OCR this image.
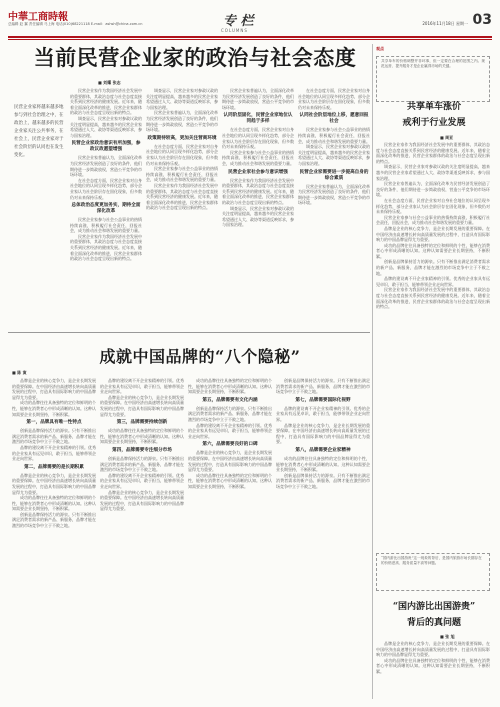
中華工商時報
总编辑 赵 翼 责任编辑 马上海 电话(010)68221118 E-mail：ashsh@china.com.cn	专 栏
COLUMNS
2016年11月18日 星期一 03
当前民营企业家的政治与社会态度
■ 刘耀 张志
民营企业家将越来越多地参与到社会治理之中，在政治上，越来越多的民营企业家关注公共事务，在社会上，民营企业家对于社会阶层的认同也在发生变化。

民营企业家作为我国经济社会发展中的重要群体，其政治态度与社会态度直接关系到民营经济的健康发展。近年来，随着全面深化改革的推进，民营企业家群体的政治与社会态度呈现出新的特点。

调查显示，民营企业家对参政议政的关注度明显提高，越来越多的民营企业家希望通过人大、政协等渠道反映诉求，参与国家治理。

民营企业家政治意识有所加强，参政议政愿望增强

民营企业家普遍认为，全面深化改革为民营经济发展创造了良好的条件，他们期待进一步简政放权，营造公平竞争的市场环境。

在社会态度方面，民营企业家对自身社会地位的认同呈现多样化趋势，部分企业家认为社会阶层存在固化现象，但多数仍对未来保持乐观。

总体政治态度更加务实，期待全面深化改革

民营企业家参与社会公益事业的热情持续高涨，积极履行社会责任，回报社会，成为推动社会和谐发展的重要力量。

民营企业家作为我国经济社会发展中的重要群体，其政治态度与社会态度直接关系到民营经济的健康发展。近年来，随着全面深化改革的推进，民营企业家群体的政治与社会态度呈现出新的特点。

调查显示，民营企业家对参政议政的关注度明显提高，越来越多的民营企业家希望通过人大、政协等渠道反映诉求，参与国家治理。

民营企业家普遍认为，全面深化改革为民营经济发展创造了良好的条件，他们期待进一步简政放权，营造公平竞争的市场环境。

政策期待较高，更加关注营商环境

在社会态度方面，民营企业家对自身社会地位的认同呈现多样化趋势，部分企业家认为社会阶层存在固化现象，但多数仍对未来保持乐观。

民营企业家参与社会公益事业的热情持续高涨，积极履行社会责任，回报社会，成为推动社会和谐发展的重要力量。

民营企业家作为我国经济社会发展中的重要群体，其政治态度与社会态度直接关系到民营经济的健康发展。近年来，随着全面深化改革的推进，民营企业家群体的政治与社会态度呈现出新的特点。

民营企业家普遍认为，全面深化改革为民营经济发展创造了良好的条件，他们期待进一步简政放权，营造公平竞争的市场环境。

认同阶层固化，民营企业家地位认同趋于多样

在社会态度方面，民营企业家对自身社会地位的认同呈现多样化趋势，部分企业家认为社会阶层存在固化现象，但多数仍对未来保持乐观。

民营企业家参与社会公益事业的热情持续高涨，积极履行社会责任，回报社会，成为推动社会和谐发展的重要力量。

民营企业家社会参与意识增强

民营企业家作为我国经济社会发展中的重要群体，其政治态度与社会态度直接关系到民营经济的健康发展。近年来，随着全面深化改革的推进，民营企业家群体的政治与社会态度呈现出新的特点。

调查显示，民营企业家对参政议政的关注度明显提高，越来越多的民营企业家希望通过人大、政协等渠道反映诉求，参与国家治理。

在社会态度方面，民营企业家对自身社会地位的认同呈现多样化趋势，部分企业家认为社会阶层存在固化现象，但多数仍对未来保持乐观。

认同社会阶层地位上移，愿意回报社会

民营企业家参与社会公益事业的热情持续高涨，积极履行社会责任，回报社会，成为推动社会和谐发展的重要力量。

调查显示，民营企业家对参政议政的关注度明显提高，越来越多的民营企业家希望通过人大、政协等渠道反映诉求，参与国家治理。

民营企业家需要进一步提高自身的综合素质

民营企业家普遍认为，全面深化改革为民营经济发展创造了良好的条件，他们期待进一步简政放权，营造公平竞争的市场环境。

成就中国品牌的“八个隐秘”
■ 陈 寅

品牌是企业的核心竞争力，是企业长期发展的重要保障。在中国经济由高速增长转向高质量发展的过程中，打造具有国际影响力的中国品牌显得尤为重要。

成功的品牌往往具备独特的定位和鲜明的个性，能够在消费者心中形成清晰的认知。这种认知需要企业长期坚持，不断积累。

第一，品牌具有唯一性特点

创新是品牌保持活力的源泉。只有不断推出满足消费者需求的新产品、新服务，品牌才能在激烈的市场竞争中立于不败之地。

品牌的建设离不开企业家精神的引领。优秀的企业家具有远见卓识，敢于担当，能够带领企业走向世界。

第二，品牌需要的是长期积累

品牌是企业的核心竞争力，是企业长期发展的重要保障。在中国经济由高速增长转向高质量发展的过程中，打造具有国际影响力的中国品牌显得尤为重要。

成功的品牌往往具备独特的定位和鲜明的个性，能够在消费者心中形成清晰的认知。这种认知需要企业长期坚持，不断积累。

创新是品牌保持活力的源泉。只有不断推出满足消费者需求的新产品、新服务，品牌才能在激烈的市场竞争中立于不败之地。

品牌的建设离不开企业家精神的引领。优秀的企业家具有远见卓识，敢于担当，能够带领企业走向世界。

品牌是企业的核心竞争力，是企业长期发展的重要保障。在中国经济由高速增长转向高质量发展的过程中，打造具有国际影响力的中国品牌显得尤为重要。

第三，品牌需要持续创新

成功的品牌往往具备独特的定位和鲜明的个性，能够在消费者心中形成清晰的认知。这种认知需要企业长期坚持，不断积累。

第四，品牌需要专注细分市场

创新是品牌保持活力的源泉。只有不断推出满足消费者需求的新产品、新服务，品牌才能在激烈的市场竞争中立于不败之地。

品牌的建设离不开企业家精神的引领。优秀的企业家具有远见卓识，敢于担当，能够带领企业走向世界。

品牌是企业的核心竞争力，是企业长期发展的重要保障。在中国经济由高速增长转向高质量发展的过程中，打造具有国际影响力的中国品牌显得尤为重要。

成功的品牌往往具备独特的定位和鲜明的个性，能够在消费者心中形成清晰的认知。这种认知需要企业长期坚持，不断积累。

第五，品牌需要有文化内涵

创新是品牌保持活力的源泉。只有不断推出满足消费者需求的新产品、新服务，品牌才能在激烈的市场竞争中立于不败之地。

品牌的建设离不开企业家精神的引领。优秀的企业家具有远见卓识，敢于担当，能够带领企业走向世界。

第六，品牌需要良好的口碑

品牌是企业的核心竞争力，是企业长期发展的重要保障。在中国经济由高速增长转向高质量发展的过程中，打造具有国际影响力的中国品牌显得尤为重要。

成功的品牌往往具备独特的定位和鲜明的个性，能够在消费者心中形成清晰的认知。这种认知需要企业长期坚持，不断积累。

创新是品牌保持活力的源泉。只有不断推出满足消费者需求的新产品、新服务，品牌才能在激烈的市场竞争中立于不败之地。

第七，品牌需要国际化视野

品牌的建设离不开企业家精神的引领。优秀的企业家具有远见卓识，敢于担当，能够带领企业走向世界。

品牌是企业的核心竞争力，是企业长期发展的重要保障。在中国经济由高速增长转向高质量发展的过程中，打造具有国际影响力的中国品牌显得尤为重要。

第八，品牌需要企业家精神

成功的品牌往往具备独特的定位和鲜明的个性，能够在消费者心中形成清晰的认知。这种认知需要企业长期坚持，不断积累。

创新是品牌保持活力的源泉。只有不断推出满足消费者需求的新产品、新服务，品牌才能在激烈的市场竞争中立于不败之地。

观点

共享单车的价格调整并非坏事，但一定要在合理的范围之内。规范运营、提升服务才是企业赢得市场的关键。

共享单车涨价
戒利于行业发展
■ 周亚

民营企业家作为我国经济社会发展中的重要群体，其政治态度与社会态度直接关系到民营经济的健康发展。近年来，随着全面深化改革的推进，民营企业家群体的政治与社会态度呈现出新的特点。

调查显示，民营企业家对参政议政的关注度明显提高，越来越多的民营企业家希望通过人大、政协等渠道反映诉求，参与国家治理。

民营企业家普遍认为，全面深化改革为民营经济发展创造了良好的条件，他们期待进一步简政放权，营造公平竞争的市场环境。

在社会态度方面，民营企业家对自身社会地位的认同呈现多样化趋势，部分企业家认为社会阶层存在固化现象，但多数仍对未来保持乐观。

民营企业家参与社会公益事业的热情持续高涨，积极履行社会责任，回报社会，成为推动社会和谐发展的重要力量。

品牌是企业的核心竞争力，是企业长期发展的重要保障。在中国经济由高速增长转向高质量发展的过程中，打造具有国际影响力的中国品牌显得尤为重要。

成功的品牌往往具备独特的定位和鲜明的个性，能够在消费者心中形成清晰的认知。这种认知需要企业长期坚持，不断积累。

创新是品牌保持活力的源泉。只有不断推出满足消费者需求的新产品、新服务，品牌才能在激烈的市场竞争中立于不败之地。

品牌的建设离不开企业家精神的引领。优秀的企业家具有远见卓识，敢于担当，能够带领企业走向世界。

民营企业家作为我国经济社会发展中的重要群体，其政治态度与社会态度直接关系到民营经济的健康发展。近年来，随着全面深化改革的推进，民营企业家群体的政治与社会态度呈现出新的特点。

“国内游比出国游贵”这一现象的背后，是国内旅游市场长期存在的价格虚高、服务质量不高等问题。

“国内游比出国游贵”
背后的真问题
■ 张 旭

品牌是企业的核心竞争力，是企业长期发展的重要保障。在中国经济由高速增长转向高质量发展的过程中，打造具有国际影响力的中国品牌显得尤为重要。

成功的品牌往往具备独特的定位和鲜明的个性，能够在消费者心中形成清晰的认知。这种认知需要企业长期坚持，不断积累。
